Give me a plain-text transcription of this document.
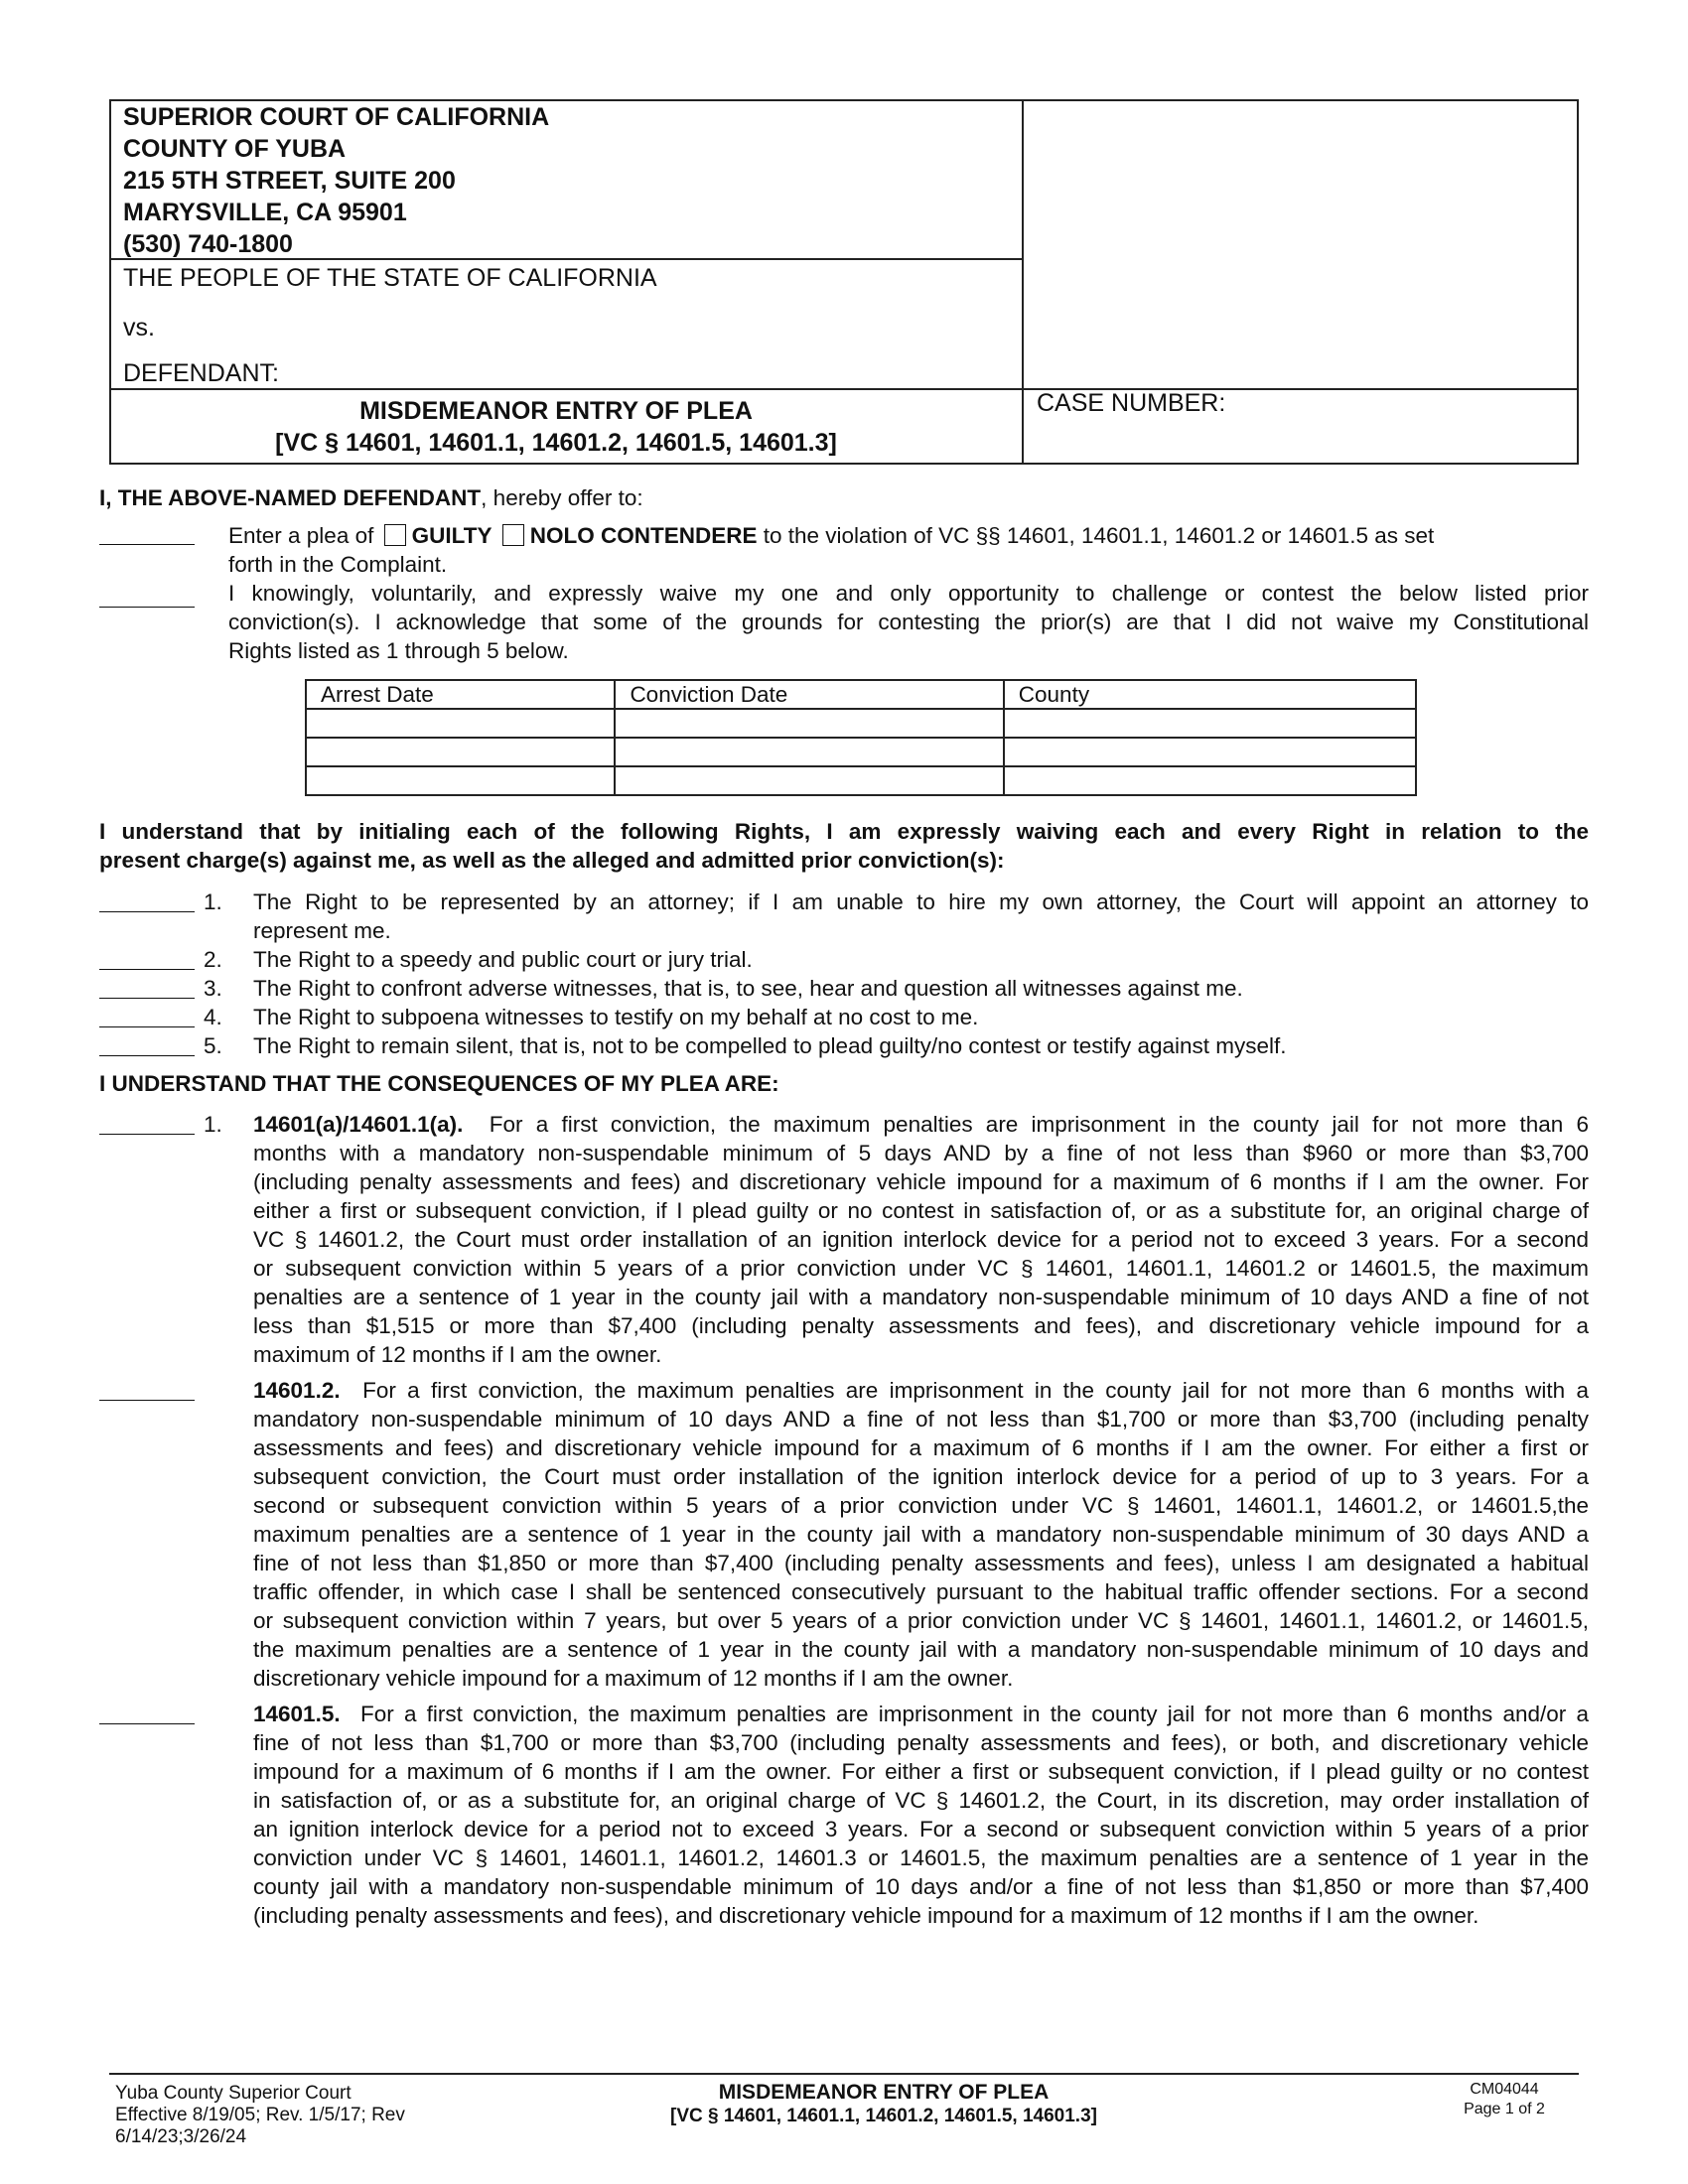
SUPERIOR COURT OF CALIFORNIA
COUNTY OF YUBA
215 5TH STREET, SUITE 200
MARYSVILLE, CA 95901
(530) 740-1800
THE PEOPLE OF THE STATE OF CALIFORNIA
vs.
DEFENDANT:
MISDEMEANOR ENTRY OF PLEA
[VC § 14601, 14601.1, 14601.2, 14601.5, 14601.3]
CASE NUMBER:
I, THE ABOVE-NAMED DEFENDANT, hereby offer to:
Enter a plea of GUILTY NOLO CONTENDERE to the violation of VC §§ 14601, 14601.1, 14601.2 or 14601.5 as set
forth in the Complaint.
I knowingly, voluntarily, and expressly waive my one and only opportunity to challenge or contest the below listed prior
conviction(s). I acknowledge that some of the grounds for contesting the prior(s) are that I did not waive my Constitutional
Rights listed as 1 through 5 below.
Arrest Date	Conviction Date	County

I understand that by initialing each of the following Rights, I am expressly waiving each and every Right in relation to the
present charge(s) against me, as well as the alleged and admitted prior conviction(s):
1. The Right to be represented by an attorney; if I am unable to hire my own attorney, the Court will appoint an attorney to
represent me.
2. The Right to a speedy and public court or jury trial.
3. The Right to confront adverse witnesses, that is, to see, hear and question all witnesses against me.
4. The Right to subpoena witnesses to testify on my behalf at no cost to me.
5. The Right to remain silent, that is, not to be compelled to plead guilty/no contest or testify against myself.
I UNDERSTAND THAT THE CONSEQUENCES OF MY PLEA ARE:
1. 14601(a)/14601.1(a). For a first conviction, the maximum penalties are imprisonment in the county jail for not more than 6
months with a mandatory non-suspendable minimum of 5 days AND by a fine of not less than $960 or more than $3,700
(including penalty assessments and fees) and discretionary vehicle impound for a maximum of 6 months if I am the owner. For
either a first or subsequent conviction, if I plead guilty or no contest in satisfaction of, or as a substitute for, an original charge of
VC § 14601.2, the Court must order installation of an ignition interlock device for a period not to exceed 3 years. For a second
or subsequent conviction within 5 years of a prior conviction under VC § 14601, 14601.1, 14601.2 or 14601.5, the maximum
penalties are a sentence of 1 year in the county jail with a mandatory non-suspendable minimum of 10 days AND a fine of not
less than $1,515 or more than $7,400 (including penalty assessments and fees), and discretionary vehicle impound for a
maximum of 12 months if I am the owner.
14601.2. For a first conviction, the maximum penalties are imprisonment in the county jail for not more than 6 months with a
mandatory non-suspendable minimum of 10 days AND a fine of not less than $1,700 or more than $3,700 (including penalty
assessments and fees) and discretionary vehicle impound for a maximum of 6 months if I am the owner. For either a first or
subsequent conviction, the Court must order installation of the ignition interlock device for a period of up to 3 years. For a
second or subsequent conviction within 5 years of a prior conviction under VC § 14601, 14601.1, 14601.2, or 14601.5,the
maximum penalties are a sentence of 1 year in the county jail with a mandatory non-suspendable minimum of 30 days AND a
fine of not less than $1,850 or more than $7,400 (including penalty assessments and fees), unless I am designated a habitual
traffic offender, in which case I shall be sentenced consecutively pursuant to the habitual traffic offender sections. For a second
or subsequent conviction within 7 years, but over 5 years of a prior conviction under VC § 14601, 14601.1, 14601.2, or 14601.5,
the maximum penalties are a sentence of 1 year in the county jail with a mandatory non-suspendable minimum of 10 days and
discretionary vehicle impound for a maximum of 12 months if I am the owner.
14601.5. For a first conviction, the maximum penalties are imprisonment in the county jail for not more than 6 months and/or a
fine of not less than $1,700 or more than $3,700 (including penalty assessments and fees), or both, and discretionary vehicle
impound for a maximum of 6 months if I am the owner. For either a first or subsequent conviction, if I plead guilty or no contest
in satisfaction of, or as a substitute for, an original charge of VC § 14601.2, the Court, in its discretion, may order installation of
an ignition interlock device for a period not to exceed 3 years. For a second or subsequent conviction within 5 years of a prior
conviction under VC § 14601, 14601.1, 14601.2, 14601.3 or 14601.5, the maximum penalties are a sentence of 1 year in the
county jail with a mandatory non-suspendable minimum of 10 days and/or a fine of not less than $1,850 or more than $7,400
(including penalty assessments and fees), and discretionary vehicle impound for a maximum of 12 months if I am the owner.
Yuba County Superior Court
Effective 8/19/05; Rev. 1/5/17; Rev
6/14/23;3/26/24
MISDEMEANOR ENTRY OF PLEA
[VC § 14601, 14601.1, 14601.2, 14601.5, 14601.3]
CM04044
Page 1 of 2
